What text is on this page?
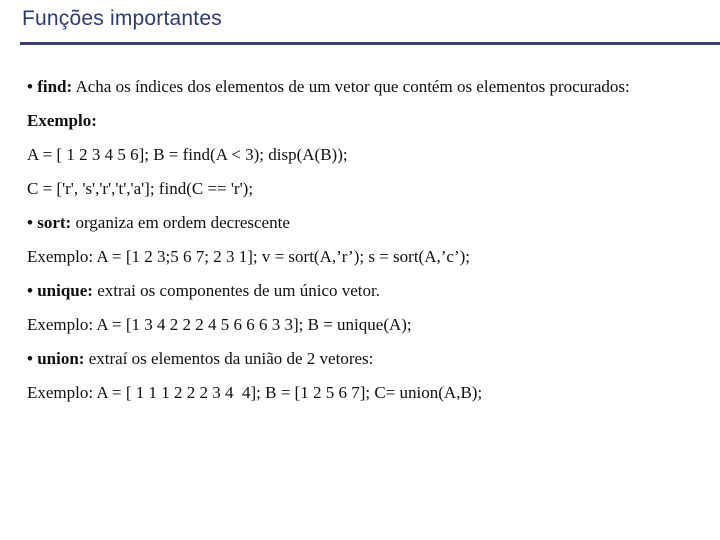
Funções importantes

• find: Acha os índices dos elementos de um vetor que contém os elementos procurados:

Exemplo:

A = [ 1 2 3 4 5 6]; B = find(A < 3); disp(A(B));

C = ['r', 's','r','t','a']; find(C == 'r');

• sort: organiza em ordem decrescente

Exemplo: A = [1 2 3;5 6 7; 2 3 1]; v = sort(A,’r’); s = sort(A,’c’);

• unique: extrai os componentes de um único vetor.

Exemplo: A = [1 3 4 2 2 2 4 5 6 6 6 3 3]; B = unique(A);

• union: extraí os elementos da união de 2 vetores:

Exemplo: A = [ 1 1 1 2 2 2 3 4  4]; B = [1 2 5 6 7]; C= union(A,B);
